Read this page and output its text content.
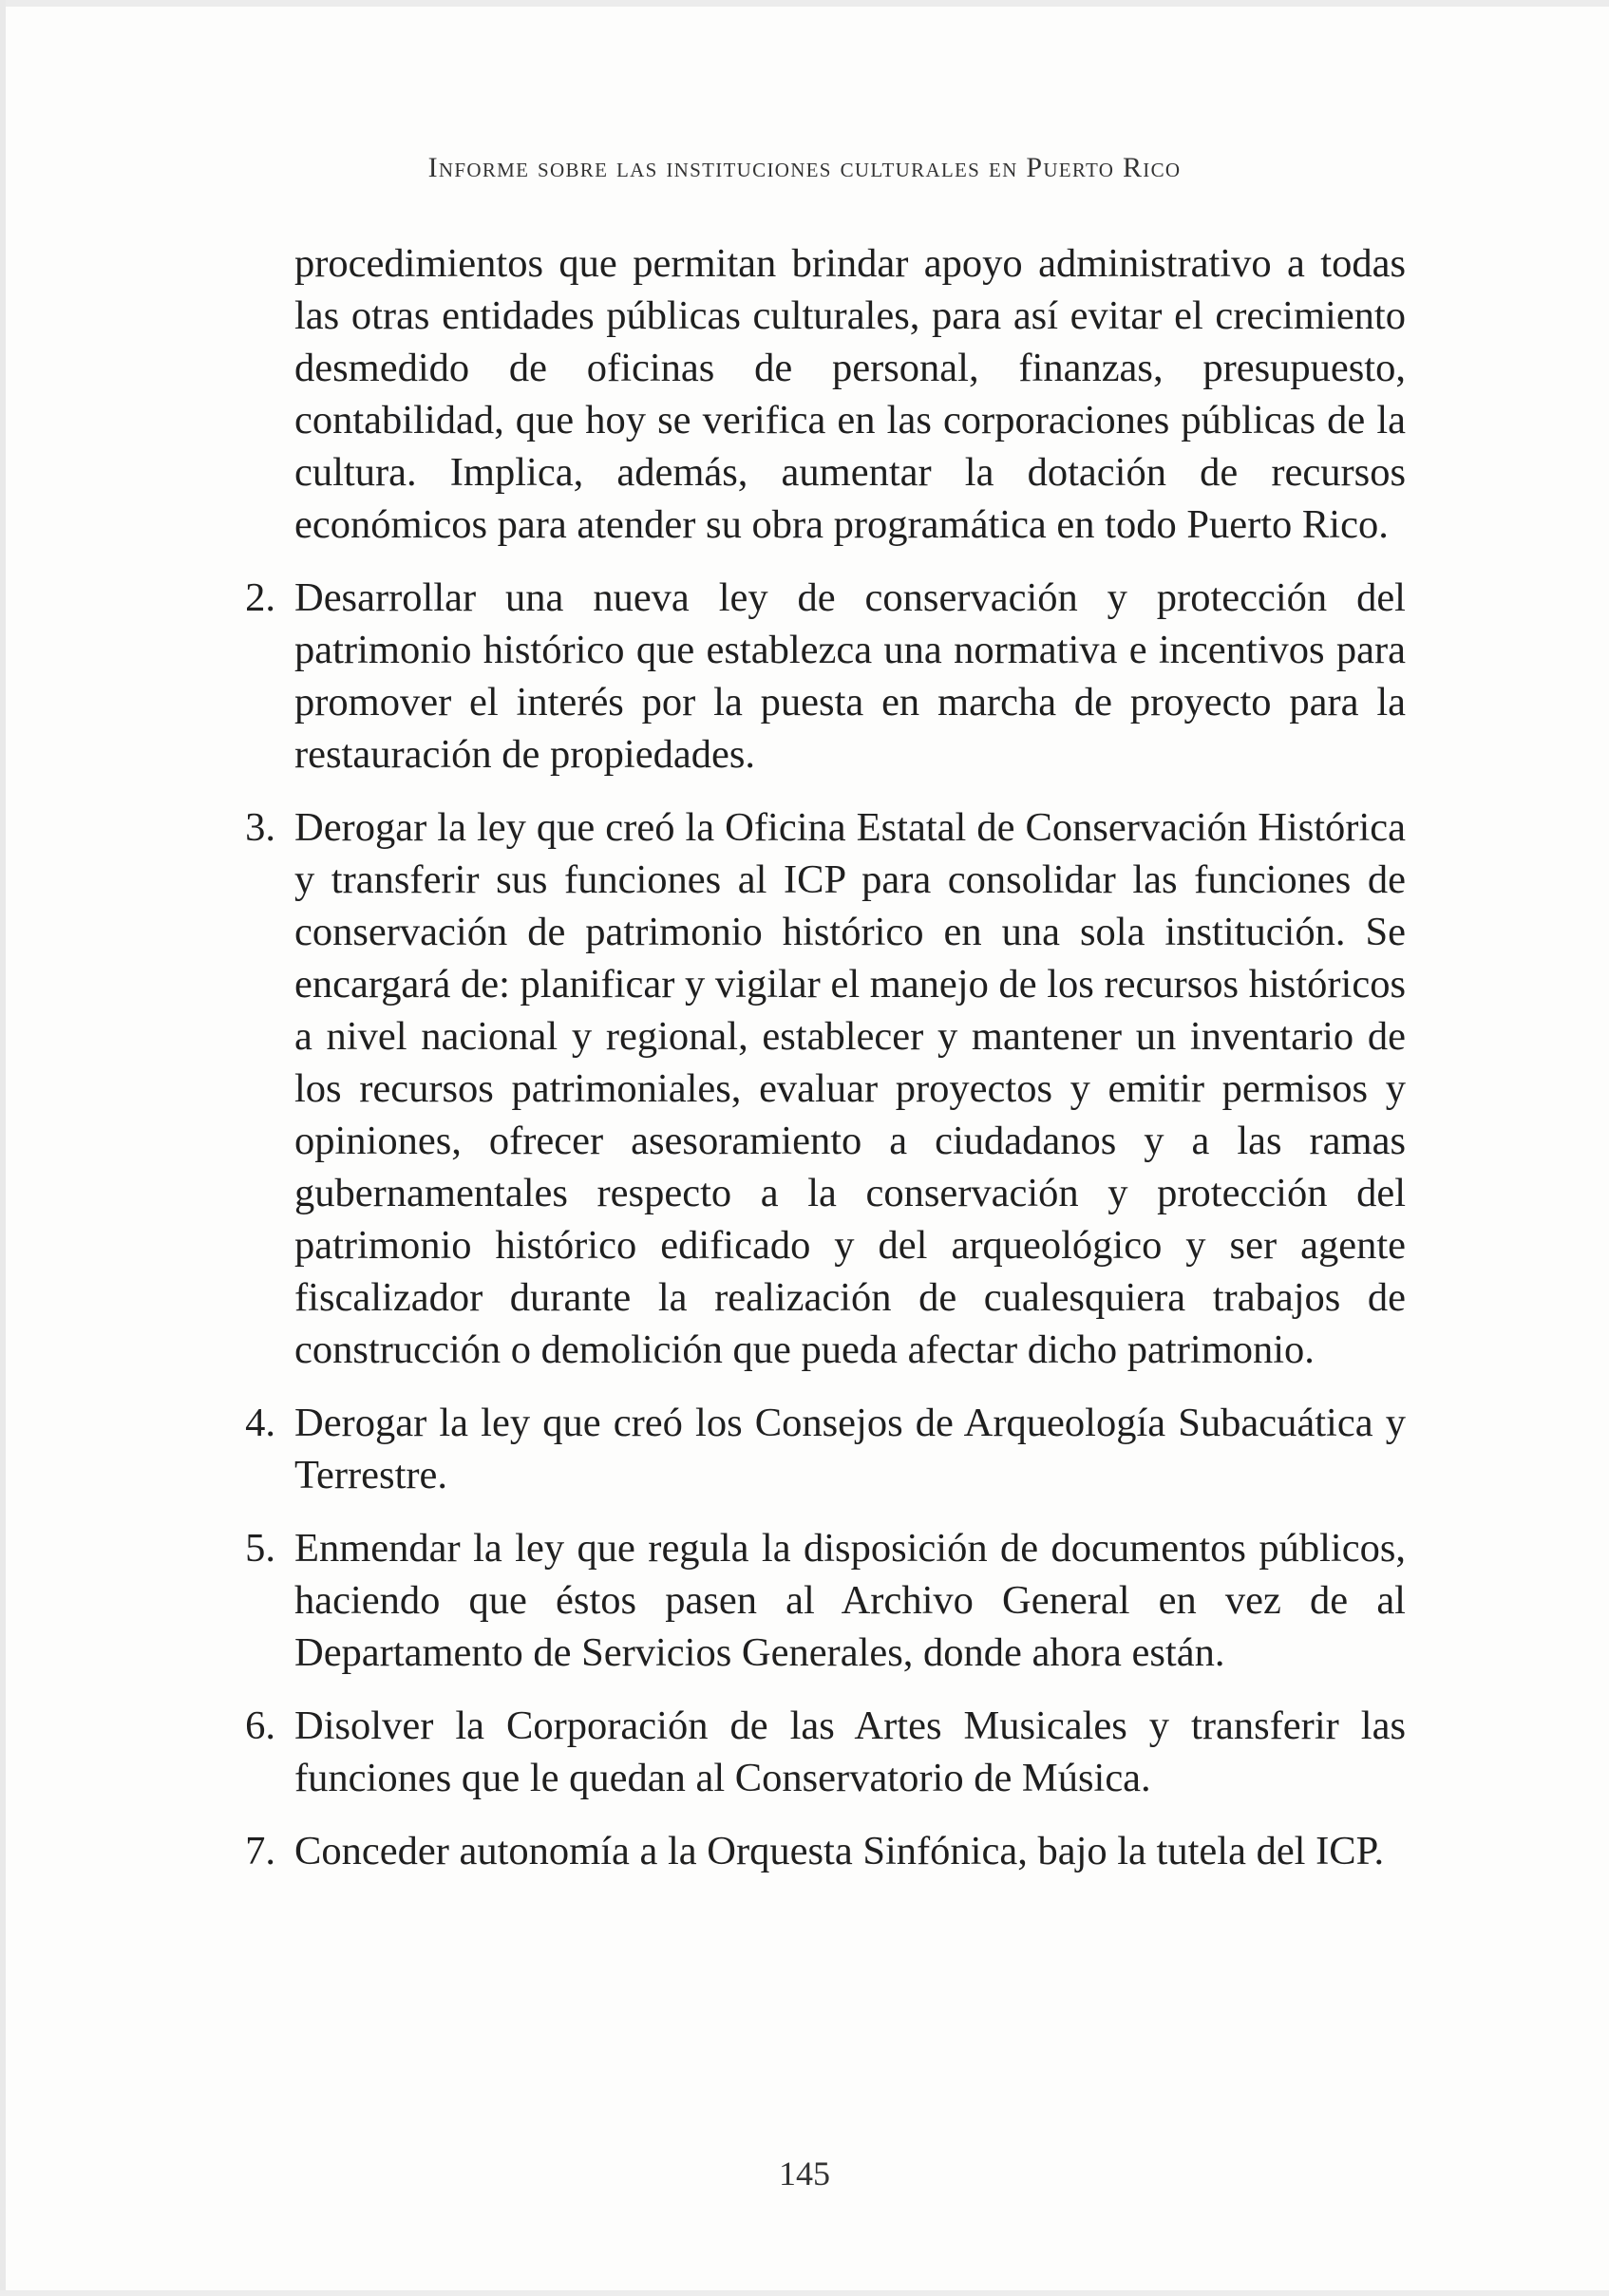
Informe sobre las instituciones culturales en Puerto Rico

procedimientos que permitan brindar apoyo administrativo a todas las otras entidades públicas culturales, para así evitar el crecimiento desmedido de oficinas de personal, finanzas, presupuesto, contabilidad, que hoy se verifica en las corporaciones públicas de la cultura. Implica, además, aumentar la dotación de recursos económicos para atender su obra programática en todo Puerto Rico.

2. Desarrollar una nueva ley de conservación y protección del patrimonio histórico que establezca una normativa e incentivos para promover el interés por la puesta en marcha de proyecto para la restauración de propiedades.
3. Derogar la ley que creó la Oficina Estatal de Conservación Histórica y transferir sus funciones al ICP para consolidar las funciones de conservación de patrimonio histórico en una sola institución. Se encargará de: planificar y vigilar el manejo de los recursos históricos a nivel nacional y regional, establecer y mantener un inventario de los recursos patrimoniales, evaluar proyectos y emitir permisos y opiniones, ofrecer asesoramiento a ciudadanos y a las ramas gubernamentales respecto a la conservación y protección del patrimonio histórico edificado y del arqueológico y ser agente fiscalizador durante la realización de cualesquiera trabajos de construcción o demolición que pueda afectar dicho patrimonio.
4. Derogar la ley que creó los Consejos de Arqueología Subacuática y Terrestre.
5. Enmendar la ley que regula la disposición de documentos públicos, haciendo que éstos pasen al Archivo General en vez de al Departamento de Servicios Generales, donde ahora están.
6. Disolver la Corporación de las Artes Musicales y transferir las funciones que le quedan al Conservatorio de Música.
7. Conceder autonomía a la Orquesta Sinfónica, bajo la tutela del ICP.
145
